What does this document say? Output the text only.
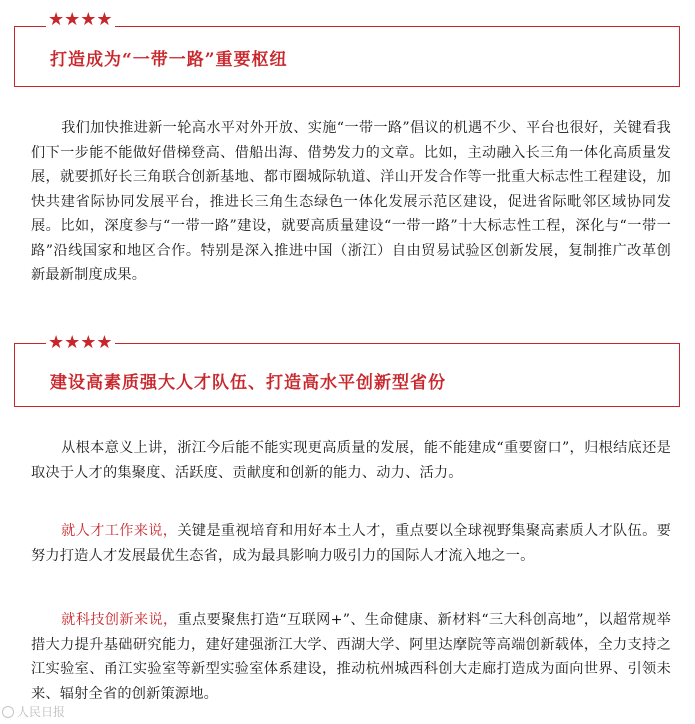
★★★★
打造成为“一带一路”重要枢纽

我们加快推进新一轮高水平对外开放、实施“一带一路”倡议的机遇不少、平台也很好，关键看我们下一步能不能做好借梯登高、借船出海、借势发力的文章。比如，主动融入长三角一体化高质量发展，就要抓好长三角联合创新基地、都市圈城际轨道、洋山开发合作等一批重大标志性工程建设，加快共建省际协同发展平台，推进长三角生态绿色一体化发展示范区建设，促进省际毗邻区域协同发展。比如，深度参与“一带一路”建设，就要高质量建设“一带一路”十大标志性工程，深化与“一带一路”沿线国家和地区合作。特别是深入推进中国（浙江）自由贸易试验区创新发展，复制推广改革创新最新制度成果。

★★★★
建设高素质强大人才队伍、打造高水平创新型省份

从根本意义上讲，浙江今后能不能实现更高质量的发展，能不能建成“重要窗口”，归根结底还是取决于人才的集聚度、活跃度、贡献度和创新的能力、动力、活力。

就人才工作来说，关键是重视培育和用好本土人才，重点要以全球视野集聚高素质人才队伍。要努力打造人才发展最优生态省，成为最具影响力吸引力的国际人才流入地之一。

就科技创新来说，重点要聚焦打造“互联网+”、生命健康、新材料“三大科创高地”，以超常规举措大力提升基础研究能力，建好建强浙江大学、西湖大学、阿里达摩院等高端创新载体，全力支持之江实验室、甬江实验室等新型实验室体系建设，推动杭州城西科创大走廊打造成为面向世界、引领未来、辐射全省的创新策源地。

人民日报
